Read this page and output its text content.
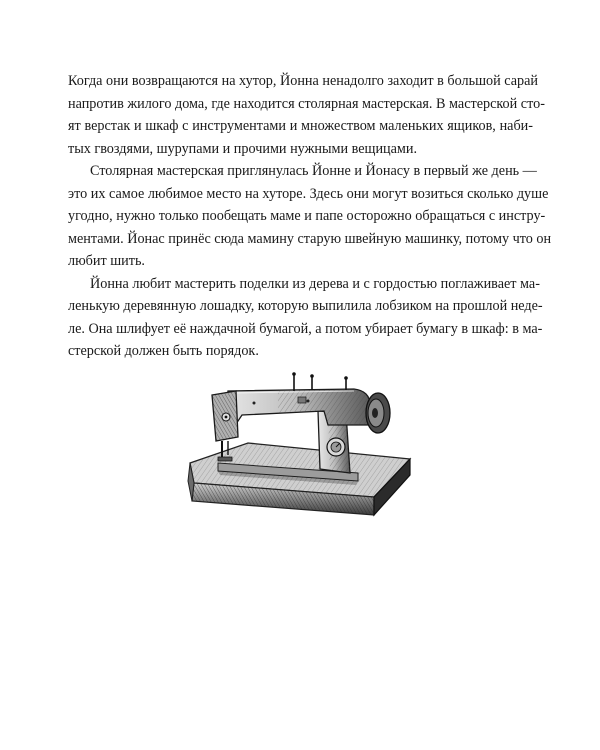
Когда они возвращаются на хутор, Йонна ненадолго заходит в большой сарай
напротив жилого дома, где находится столярная мастерская. В мастерской сто-
ят верстак и шкаф с инструментами и множеством маленьких ящиков, наби-
тых гвоздями, шурупами и прочими нужными вещицами.

Столярная мастерская приглянулась Йонне и Йонасу в первый же день —
это их самое любимое место на хуторе. Здесь они могут возиться сколько душе
угодно, нужно только пообещать маме и папе осторожно обращаться с инстру-
ментами. Йонас принёс сюда мамину старую швейную машинку, потому что он
любит шить.

Йонна любит мастерить поделки из дерева и с гордостью поглаживает ма-
ленькую деревянную лошадку, которую выпилила лобзиком на прошлой неде-
ле. Она шлифует её наждачной бумагой, а потом убирает бумагу в шкаф: в ма-
стерской должен быть порядок.
